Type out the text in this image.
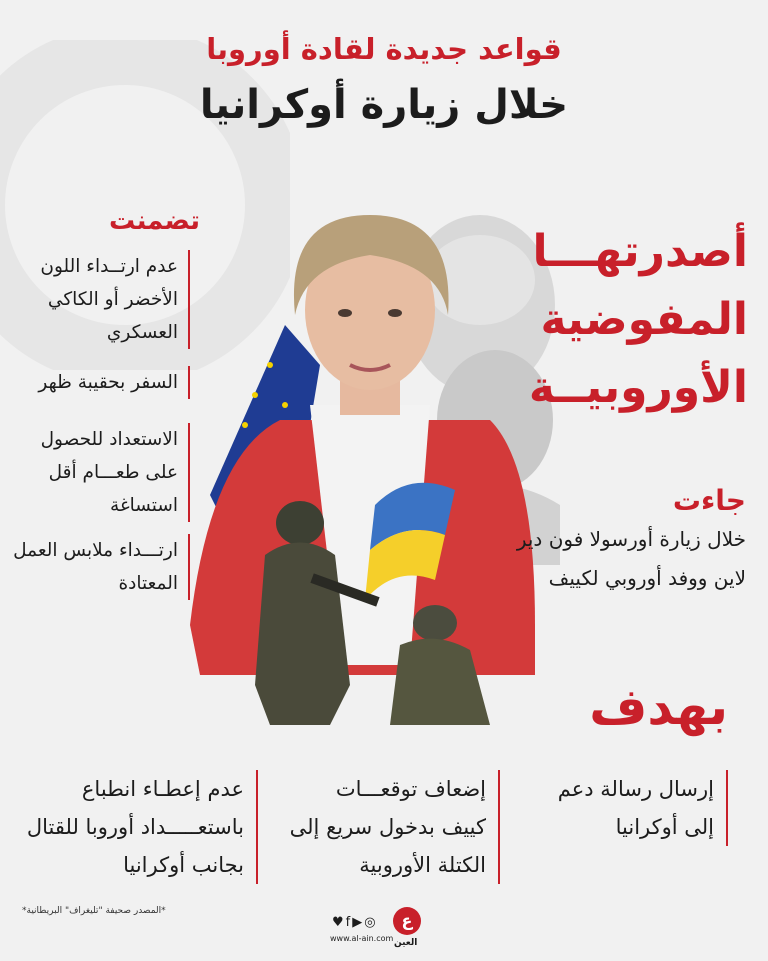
قواعد جديدة لقادة أوروبا
خلال زيارة أوكرانيا
أصدرتهـــا
المفوضية
الأوروبيــة
تضمنت
عدم ارتــداء اللون الأخضر أو الكاكي العسكري
السفر بحقيبة ظهر
الاستعداد للحصول على طعـــام أقل استساغة
ارتـــداء ملابس العمل المعتادة
جاءت
خلال زيارة أورسولا فون دير لاين ووفد أوروبي لكييف
بهدف
إرسال رسالة دعم إلى أوكرانيا
إضعاف توقعـــات كييف بدخول سريع إلى الكتلة الأوروبية
عدم إعطـاء انطباع باستعـــــداد أوروبا للقتال بجانب أوكرانيا
*المصدر صحيفة "تليغراف" البريطانية*
♥f▶◎
www.al-ain.com
ع
العين
